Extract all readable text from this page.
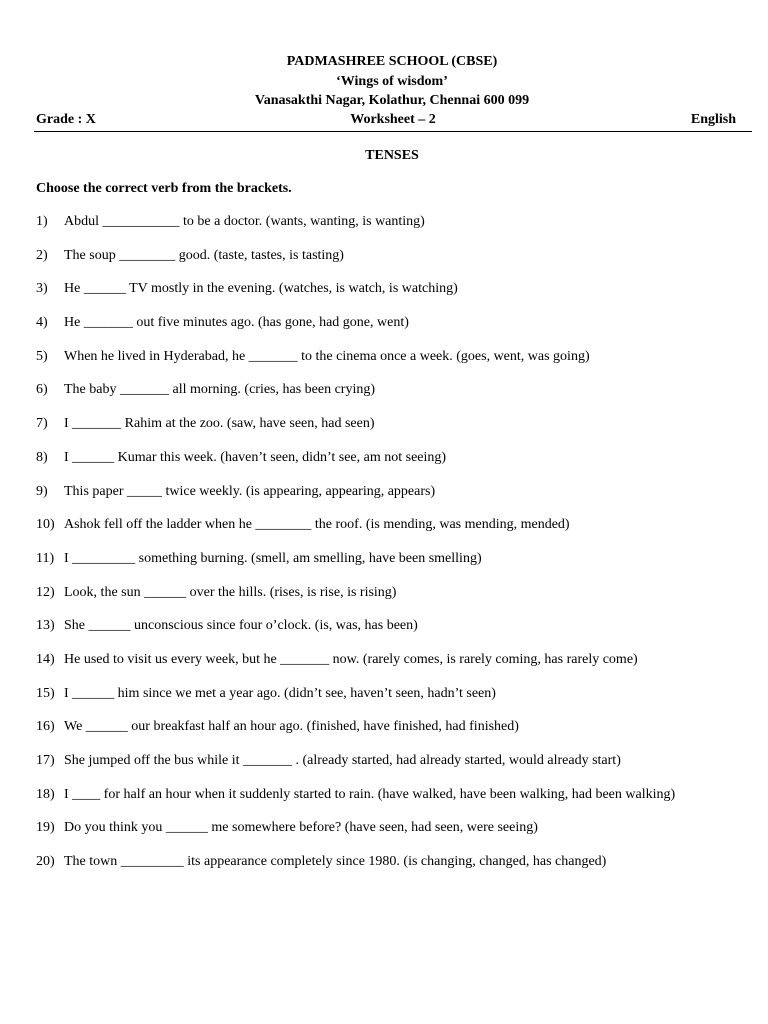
PADMASHREE SCHOOL (CBSE)
‘Wings of wisdom’
Vanasakthi Nagar, Kolathur, Chennai 600 099
Grade : X	Worksheet – 2	English
TENSES
Choose the correct verb from the brackets.
1) Abdul ___________ to be a doctor. (wants, wanting, is wanting)
2) The soup ________ good. (taste, tastes, is tasting)
3) He ______ TV mostly in the evening. (watches, is watch, is watching)
4) He _______ out five minutes ago. (has gone, had gone, went)
5) When he lived in Hyderabad, he _______ to the cinema once a week. (goes, went, was going)
6) The baby _______ all morning. (cries, has been crying)
7) I _______ Rahim at the zoo. (saw, have seen, had seen)
8) I ______ Kumar this week. (haven’t seen, didn’t see, am not seeing)
9) This paper _____ twice weekly. (is appearing, appearing, appears)
10) Ashok fell off the ladder when he ________ the roof. (is mending, was mending, mended)
11) I _________ something burning. (smell, am smelling, have been smelling)
12) Look, the sun ______ over the hills. (rises, is rise, is rising)
13) She ______ unconscious since four o’clock. (is, was, has been)
14) He used to visit us every week, but he _______ now. (rarely comes, is rarely coming, has rarely come)
15) I ______ him since we met a year ago. (didn’t see, haven’t seen, hadn’t seen)
16) We ______ our breakfast half an hour ago. (finished, have finished, had finished)
17) She jumped off the bus while it _______ . (already started, had already started, would already start)
18) I ____ for half an hour when it suddenly started to rain. (have walked, have been walking, had been walking)
19) Do you think you ______ me somewhere before? (have seen, had seen, were seeing)
20) The town _________ its appearance completely since 1980. (is changing, changed, has changed)
